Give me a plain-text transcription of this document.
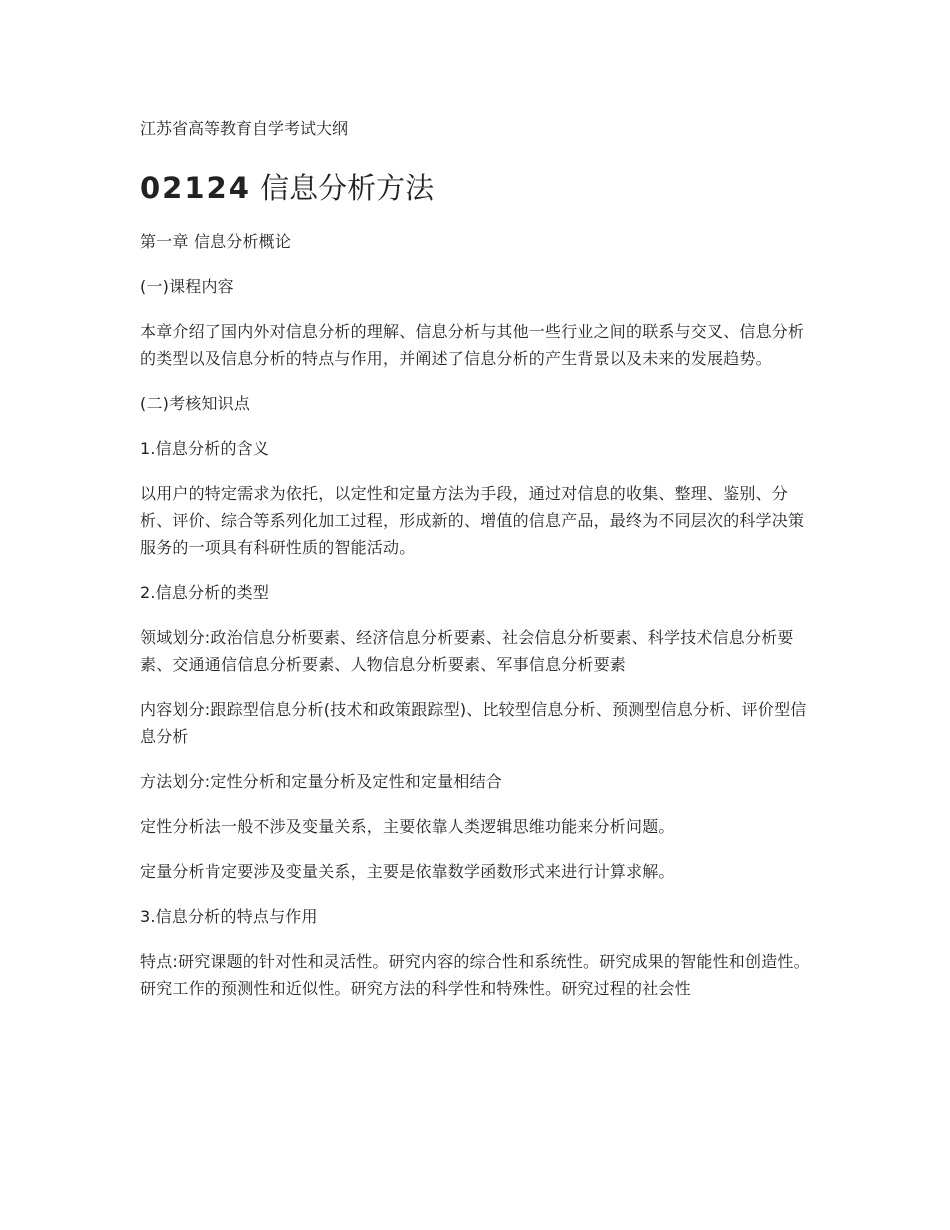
江苏省高等教育自学考试大纲
02124 信息分析方法

第一章 信息分析概论

(一)课程内容

本章介绍了国内外对信息分析的理解、信息分析与其他一些行业之间的联系与交叉、信息分析的类型以及信息分析的特点与作用，并阐述了信息分析的产生背景以及未来的发展趋势。

(二)考核知识点

1.信息分析的含义

以用户的特定需求为依托，以定性和定量方法为手段，通过对信息的收集、整理、鉴别、分析、评价、综合等系列化加工过程，形成新的、增值的信息产品，最终为不同层次的科学决策服务的一项具有科研性质的智能活动。

2.信息分析的类型

领域划分:政治信息分析要素、经济信息分析要素、社会信息分析要素、科学技术信息分析要素、交通通信信息分析要素、人物信息分析要素、军事信息分析要素

内容划分:跟踪型信息分析(技术和政策跟踪型)、比较型信息分析、预测型信息分析、评价型信息分析

方法划分:定性分析和定量分析及定性和定量相结合

定性分析法一般不涉及变量关系，主要依靠人类逻辑思维功能来分析问题。

定量分析肯定要涉及变量关系，主要是依靠数学函数形式来进行计算求解。

3.信息分析的特点与作用

特点:研究课题的针对性和灵活性。研究内容的综合性和系统性。研究成果的智能性和创造性。研究工作的预测性和近似性。研究方法的科学性和特殊性。研究过程的社会性
